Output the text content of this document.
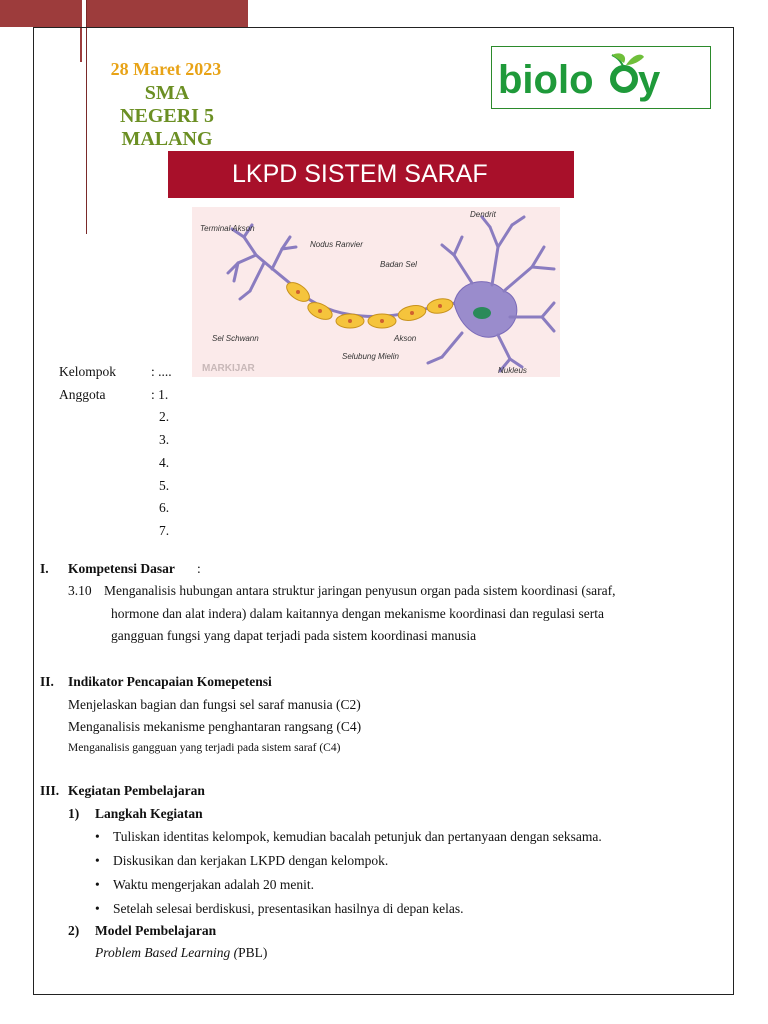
28 Maret 2023
SMA
NEGERI 5
MALANG
biolo y
LKPD SISTEM SARAF
Terminal Akson
Nodus Ranvier
Dendrit
Badan Sel
Sel Schwann
Selubung Mielin
Akson
Nukleus
MARKIJAR
Kelompok	: ....
Anggota	: 1.
2.
3.
4.
5.
6.
7.
I. Kompetensi Dasar :
3.10 Menganalisis hubungan antara struktur jaringan penyusun organ pada sistem koordinasi (saraf,
hormone dan alat indera) dalam kaitannya dengan mekanisme koordinasi dan regulasi serta
gangguan fungsi yang dapat terjadi pada sistem koordinasi manusia
II. Indikator Pencapaian Komepetensi
Menjelaskan bagian dan fungsi sel saraf manusia (C2)
Menganalisis mekanisme penghantaran rangsang (C4)
Menganalisis gangguan yang terjadi pada sistem saraf (C4)
III. Kegiatan Pembelajaran
1) Langkah Kegiatan
• Tuliskan identitas kelompok, kemudian bacalah petunjuk dan pertanyaan dengan seksama.
• Diskusikan dan kerjakan LKPD dengan kelompok.
• Waktu mengerjakan adalah 20 menit.
• Setelah selesai berdiskusi, presentasikan hasilnya di depan kelas.
2) Model Pembelajaran
Problem Based Learning (PBL)
